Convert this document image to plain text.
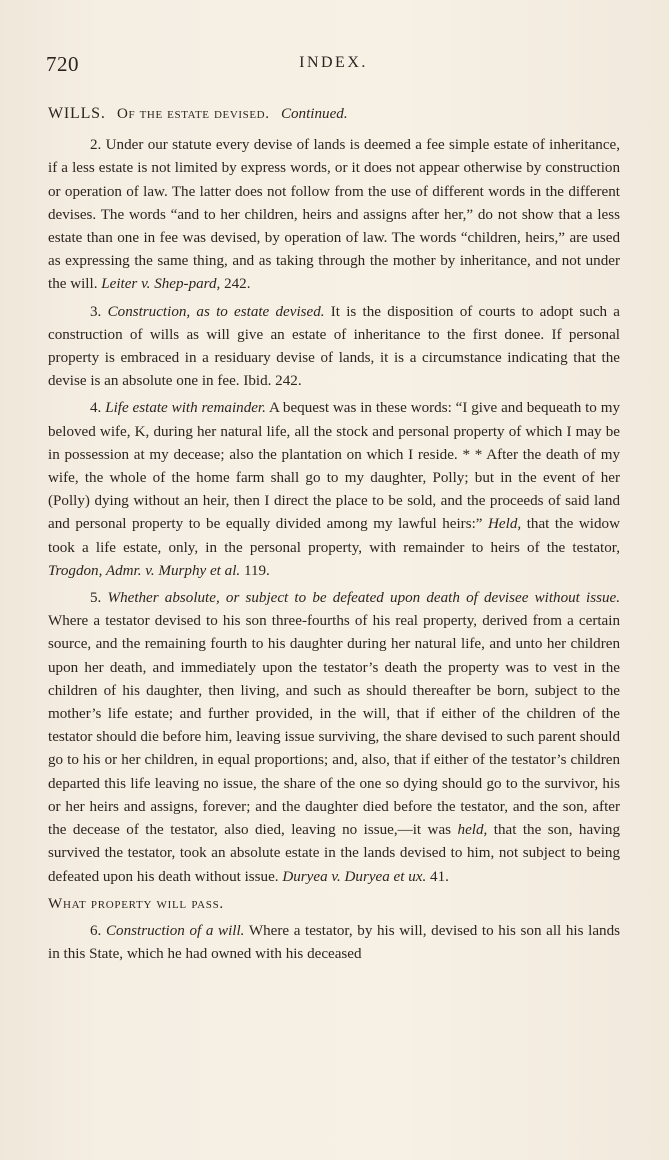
720	INDEX.

WILLS. Of the estate devised. Continued.

2. Under our statute every devise of lands is deemed a fee simple estate of inheritance, if a less estate is not limited by express words, or it does not appear otherwise by construction or operation of law. The latter does not follow from the use of different words in the different devises. The words “and to her children, heirs and assigns after her,” do not show that a less estate than one in fee was devised, by operation of law. The words “children, heirs,” are used as expressing the same thing, and as taking through the mother by inheritance, and not under the will. Leiter v. Shep-pard, 242.

3. Construction, as to estate devised. It is the disposition of courts to adopt such a construction of wills as will give an estate of inheritance to the first donee. If personal property is embraced in a residuary devise of lands, it is a circumstance indicating that the devise is an absolute one in fee. Ibid. 242.

4. Life estate with remainder. A bequest was in these words: “I give and bequeath to my beloved wife, K, during her natural life, all the stock and personal property of which I may be in possession at my decease; also the plantation on which I reside. * * After the death of my wife, the whole of the home farm shall go to my daughter, Polly; but in the event of her (Polly) dying without an heir, then I direct the place to be sold, and the proceeds of said land and personal property to be equally divided among my lawful heirs:” Held, that the widow took a life estate, only, in the personal property, with remainder to heirs of the testator, Trogdon, Admr. v. Murphy et al. 119.

5. Whether absolute, or subject to be defeated upon death of devisee without issue. Where a testator devised to his son three-fourths of his real property, derived from a certain source, and the remaining fourth to his daughter during her natural life, and unto her children upon her death, and immediately upon the testator’s death the property was to vest in the children of his daughter, then living, and such as should thereafter be born, subject to the mother’s life estate; and further provided, in the will, that if either of the children of the testator should die before him, leaving issue surviving, the share devised to such parent should go to his or her children, in equal proportions; and, also, that if either of the testator’s children departed this life leaving no issue, the share of the one so dying should go to the survivor, his or her heirs and assigns, forever; and the daughter died before the testator, and the son, after the decease of the testator, also died, leaving no issue,—it was held, that the son, having survived the testator, took an absolute estate in the lands devised to him, not subject to being defeated upon his death without issue. Duryea v. Duryea et ux. 41.

What property will pass.

6. Construction of a will. Where a testator, by his will, devised to his son all his lands in this State, which he had owned with his deceased
